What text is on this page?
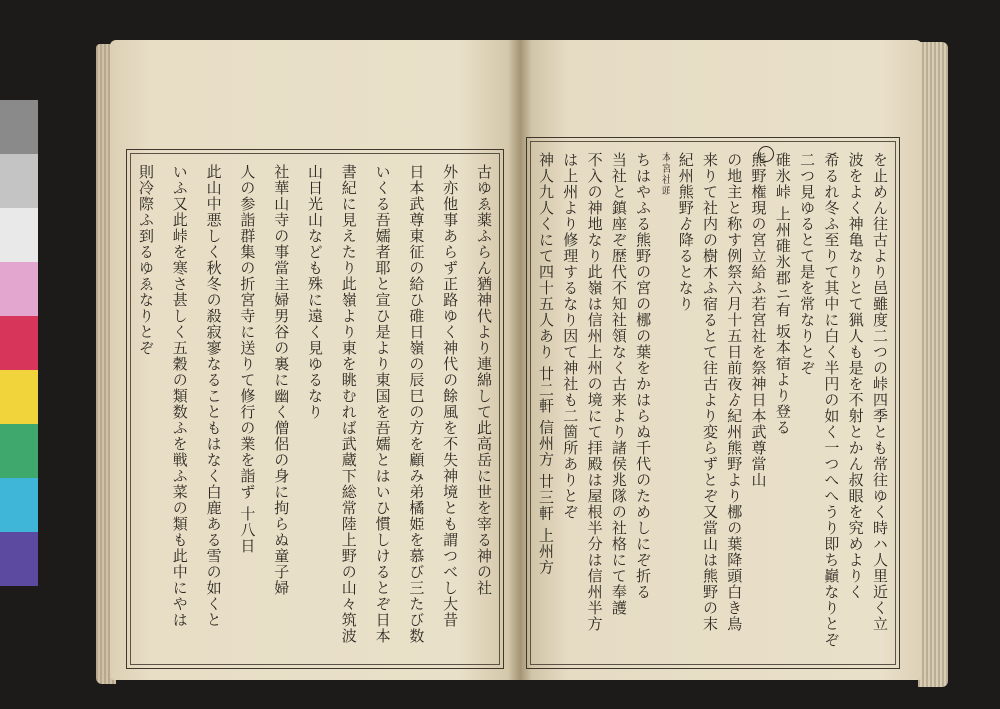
を止めん往古より邑雖度二つの峠四季とも常往ゆく時ハ人里近く立
波をよく神亀なりとて猟人も是を不射とかん叔眼を究めよりく
希るれ冬ふ至りて其中に白く半円の如く一つへへうり即ち巓なりとぞ
二つ見ゆるとて是を常なりとぞ
碓氷峠 上州碓氷郡ニ有 坂本宿より登る
熊野権現の宮立給ふ若宮社を祭神日本武尊當山
の地主と称す例祭六月十五日前夜ゟ紀州熊野より梛の葉降頭白き鳥
来りて社内の樹木ふ宿るとて往古より変らずとぞ又當山は熊野の末
紀州熊野ゟ降るとなり
本宮社頭
ちはやふる熊野の宮の梛の葉をかはらぬ千代のためしにぞ折る
当社と鎮座ぞ歴代不知社領なく古来より諸侯兆隊の社格にて奉護
不入の神地なり此嶺は信州上州の境にて拝殿は屋根半分は信州半方
は上州より修理するなり因て神社も二箇所ありとぞ
神人九人くにて四十五人あり 廿二軒 信州方 廿三軒 上州方
古ゆゑ薬ふらん猶神代より連綿して此高岳に世を宰る神の社
外亦他事あらず正路ゆく神代の餘風を不失神境とも謂つべし大昔
日本武尊東征の給ひ碓日嶺の辰巳の方を顧み弟橘姫を慕び三たび数
いくる吾嬬者耶と宣ひ是より東国を吾嬬とはいひ慣しけるとぞ日本
書紀に見えたり此嶺より東を眺むれば武蔵下総常陸上野の山々筑波
山日光山なども殊に遠く見ゆるなり
社華山寺の事當主婦男谷の裏に幽く僧侶の身に拘らぬ童子婦
人の参詣群集の折宮寺に送りて修行の業を詣ず 十八日
此山中悪しく秋冬の殺寂寥なることもはなく白鹿ある雪の如くと
いふ又此峠を寒さ甚しく五穀の類数ふを戦ふ菜の類も此中にやは
則冷際ふ到るゆゑなりとぞ
